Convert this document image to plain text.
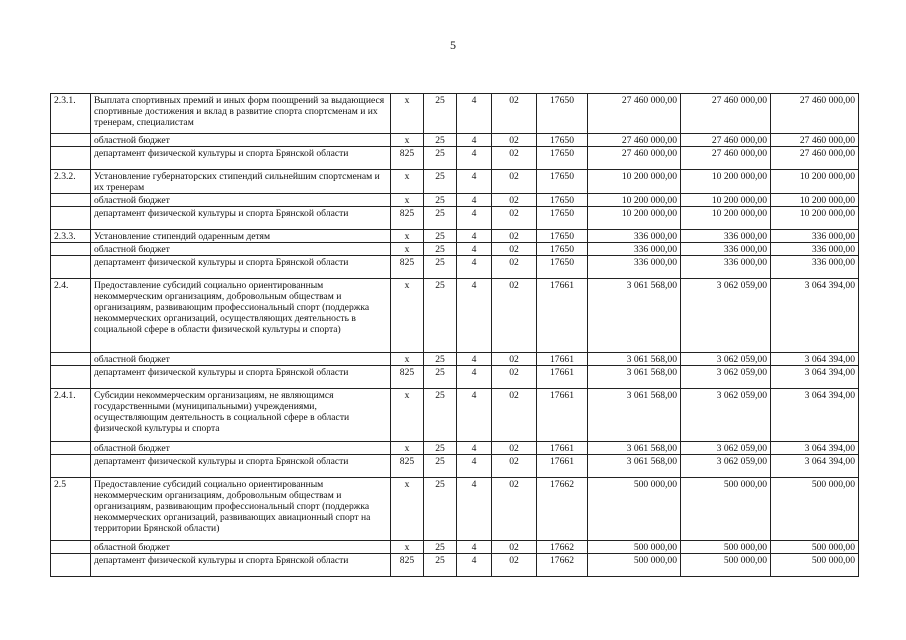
5
2.3.1.	Выплата спортивных премий и иных форм поощрений за выдающиеся спортивные достижения и вклад в развитие спорта спортсменам и их тренерам, специалистам	х	25	4	02	17650	27 460 000,00	27 460 000,00	27 460 000,00
	областной бюджет	х	25	4	02	17650	27 460 000,00	27 460 000,00	27 460 000,00
	департамент физической культуры и спорта Брянской области	825	25	4	02	17650	27 460 000,00	27 460 000,00	27 460 000,00
2.3.2.	Установление губернаторских стипендий сильнейшим спортсменам и их тренерам	х	25	4	02	17650	10 200 000,00	10 200 000,00	10 200 000,00
	областной бюджет	х	25	4	02	17650	10 200 000,00	10 200 000,00	10 200 000,00
	департамент физической культуры и спорта Брянской области	825	25	4	02	17650	10 200 000,00	10 200 000,00	10 200 000,00
2.3.3.	Установление стипендий одаренным детям	х	25	4	02	17650	336 000,00	336 000,00	336 000,00
	областной бюджет	х	25	4	02	17650	336 000,00	336 000,00	336 000,00
	департамент физической культуры и спорта Брянской области	825	25	4	02	17650	336 000,00	336 000,00	336 000,00
2.4.	Предоставление субсидий социально ориентированным некоммерческим организациям, добровольным обществам и организациям, развивающим профессиональный спорт (поддержка некоммерческих организаций, осуществляющих деятельность в социальной сфере в области физической культуры и спорта)	х	25	4	02	17661	3 061 568,00	3 062 059,00	3 064 394,00
	областной бюджет	х	25	4	02	17661	3 061 568,00	3 062 059,00	3 064 394,00
	департамент физической культуры и спорта Брянской области	825	25	4	02	17661	3 061 568,00	3 062 059,00	3 064 394,00
2.4.1.	Субсидии некоммерческим организациям, не являющимся государственными (муниципальными) учреждениями, осуществляющим деятельность в социальной сфере в области физической культуры и спорта	х	25	4	02	17661	3 061 568,00	3 062 059,00	3 064 394,00
	областной бюджет	х	25	4	02	17661	3 061 568,00	3 062 059,00	3 064 394,00
	департамент физической культуры и спорта Брянской области	825	25	4	02	17661	3 061 568,00	3 062 059,00	3 064 394,00
2.5	Предоставление субсидий социально ориентированным некоммерческим организациям, добровольным обществам и организациям, развивающим профессиональный спорт (поддержка некоммерческих организаций, развивающих авиационный спорт на территории Брянской области)	х	25	4	02	17662	500 000,00	500 000,00	500 000,00
	областной бюджет	х	25	4	02	17662	500 000,00	500 000,00	500 000,00
	департамент физической культуры и спорта Брянской области	825	25	4	02	17662	500 000,00	500 000,00	500 000,00
